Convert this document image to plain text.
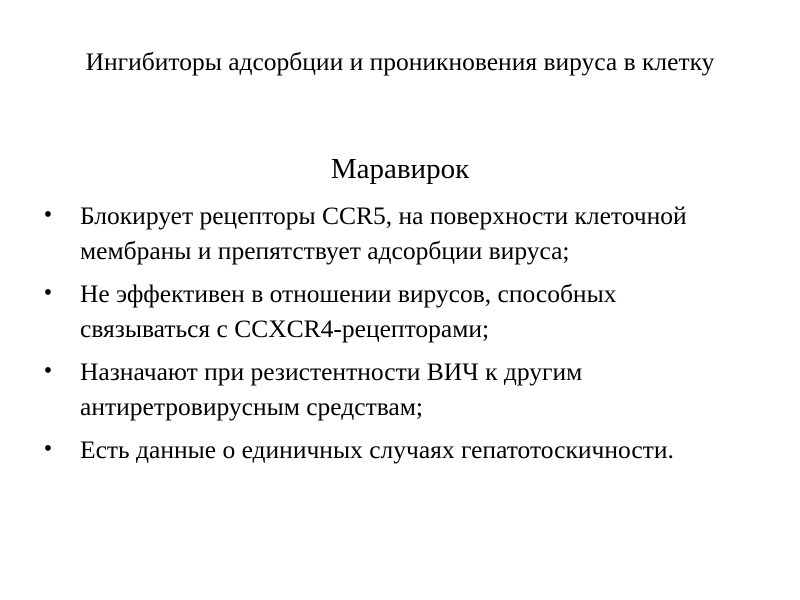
Ингибиторы адсорбции и проникновения вируса в клетку
Маравирок
• Блокирует рецепторы CCR5, на поверхности клеточной мембраны и препятствует адсорбции вируса;
• Не эффективен в отношении вирусов, способных связываться с CCXCR4-рецепторами;
• Назначают при резистентности ВИЧ к другим антиретровирусным средствам;
• Есть данные о единичных случаях гепатотоскичности.
